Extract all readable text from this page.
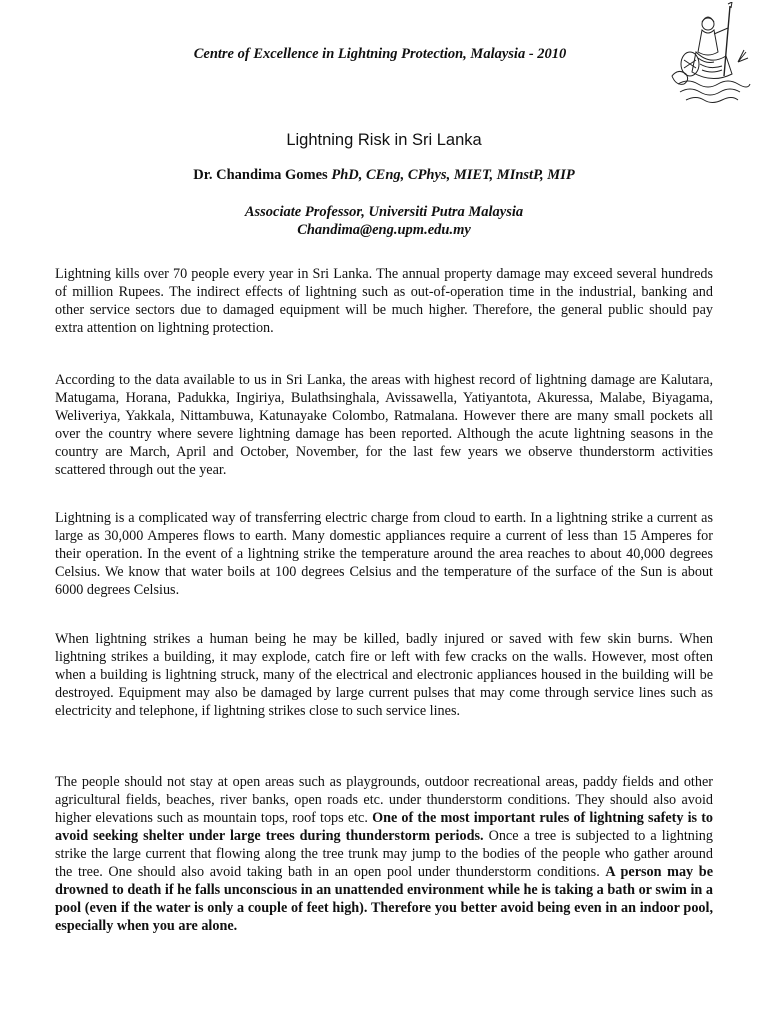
Centre of Excellence in Lightning Protection, Malaysia - 2010
Lightning Risk in Sri Lanka
Dr. Chandima Gomes PhD, CEng, CPhys, MIET, MInstP, MIP
Associate Professor, Universiti Putra Malaysia
Chandima@eng.upm.edu.my

Lightning kills over 70 people every year in Sri Lanka. The annual property damage may exceed several hundreds of million Rupees. The indirect effects of lightning such as out-of-operation time in the industrial, banking and other service sectors due to damaged equipment will be much higher. Therefore, the general public should pay extra attention on lightning protection.

According to the data available to us in Sri Lanka, the areas with highest record of lightning damage are Kalutara, Matugama, Horana, Padukka, Ingiriya, Bulathsinghala, Avissawella, Yatiyantota, Akuressa, Malabe, Biyagama, Weliveriya, Yakkala, Nittambuwa, Katunayake Colombo, Ratmalana. However there are many small pockets all over the country where severe lightning damage has been reported. Although the acute lightning seasons in the country are March, April and October, November, for the last few years we observe thunderstorm activities scattered through out the year.

Lightning is a complicated way of transferring electric charge from cloud to earth. In a lightning strike a current as large as 30,000 Amperes flows to earth. Many domestic appliances require a current of less than 15 Amperes for their operation. In the event of a lightning strike the temperature around the area reaches to about 40,000 degrees Celsius. We know that water boils at 100 degrees Celsius and the temperature of the surface of the Sun is about 6000 degrees Celsius.

When lightning strikes a human being he may be killed, badly injured or saved with few skin burns. When lightning strikes a building, it may explode, catch fire or left with few cracks on the walls. However, most often when a building is lightning struck, many of the electrical and electronic appliances housed in the building will be destroyed. Equipment may also be damaged by large current pulses that may come through service lines such as electricity and telephone, if lightning strikes close to such service lines.

The people should not stay at open areas such as playgrounds, outdoor recreational areas, paddy fields and other agricultural fields, beaches, river banks, open roads etc. under thunderstorm conditions. They should also avoid higher elevations such as mountain tops, roof tops etc. One of the most important rules of lightning safety is to avoid seeking shelter under large trees during thunderstorm periods. Once a tree is subjected to a lightning strike the large current that flowing along the tree trunk may jump to the bodies of the people who gather around the tree. One should also avoid taking bath in an open pool under thunderstorm conditions. A person may be drowned to death if he falls unconscious in an unattended environment while he is taking a bath or swim in a pool (even if the water is only a couple of feet high). Therefore you better avoid being even in an indoor pool, especially when you are alone.
